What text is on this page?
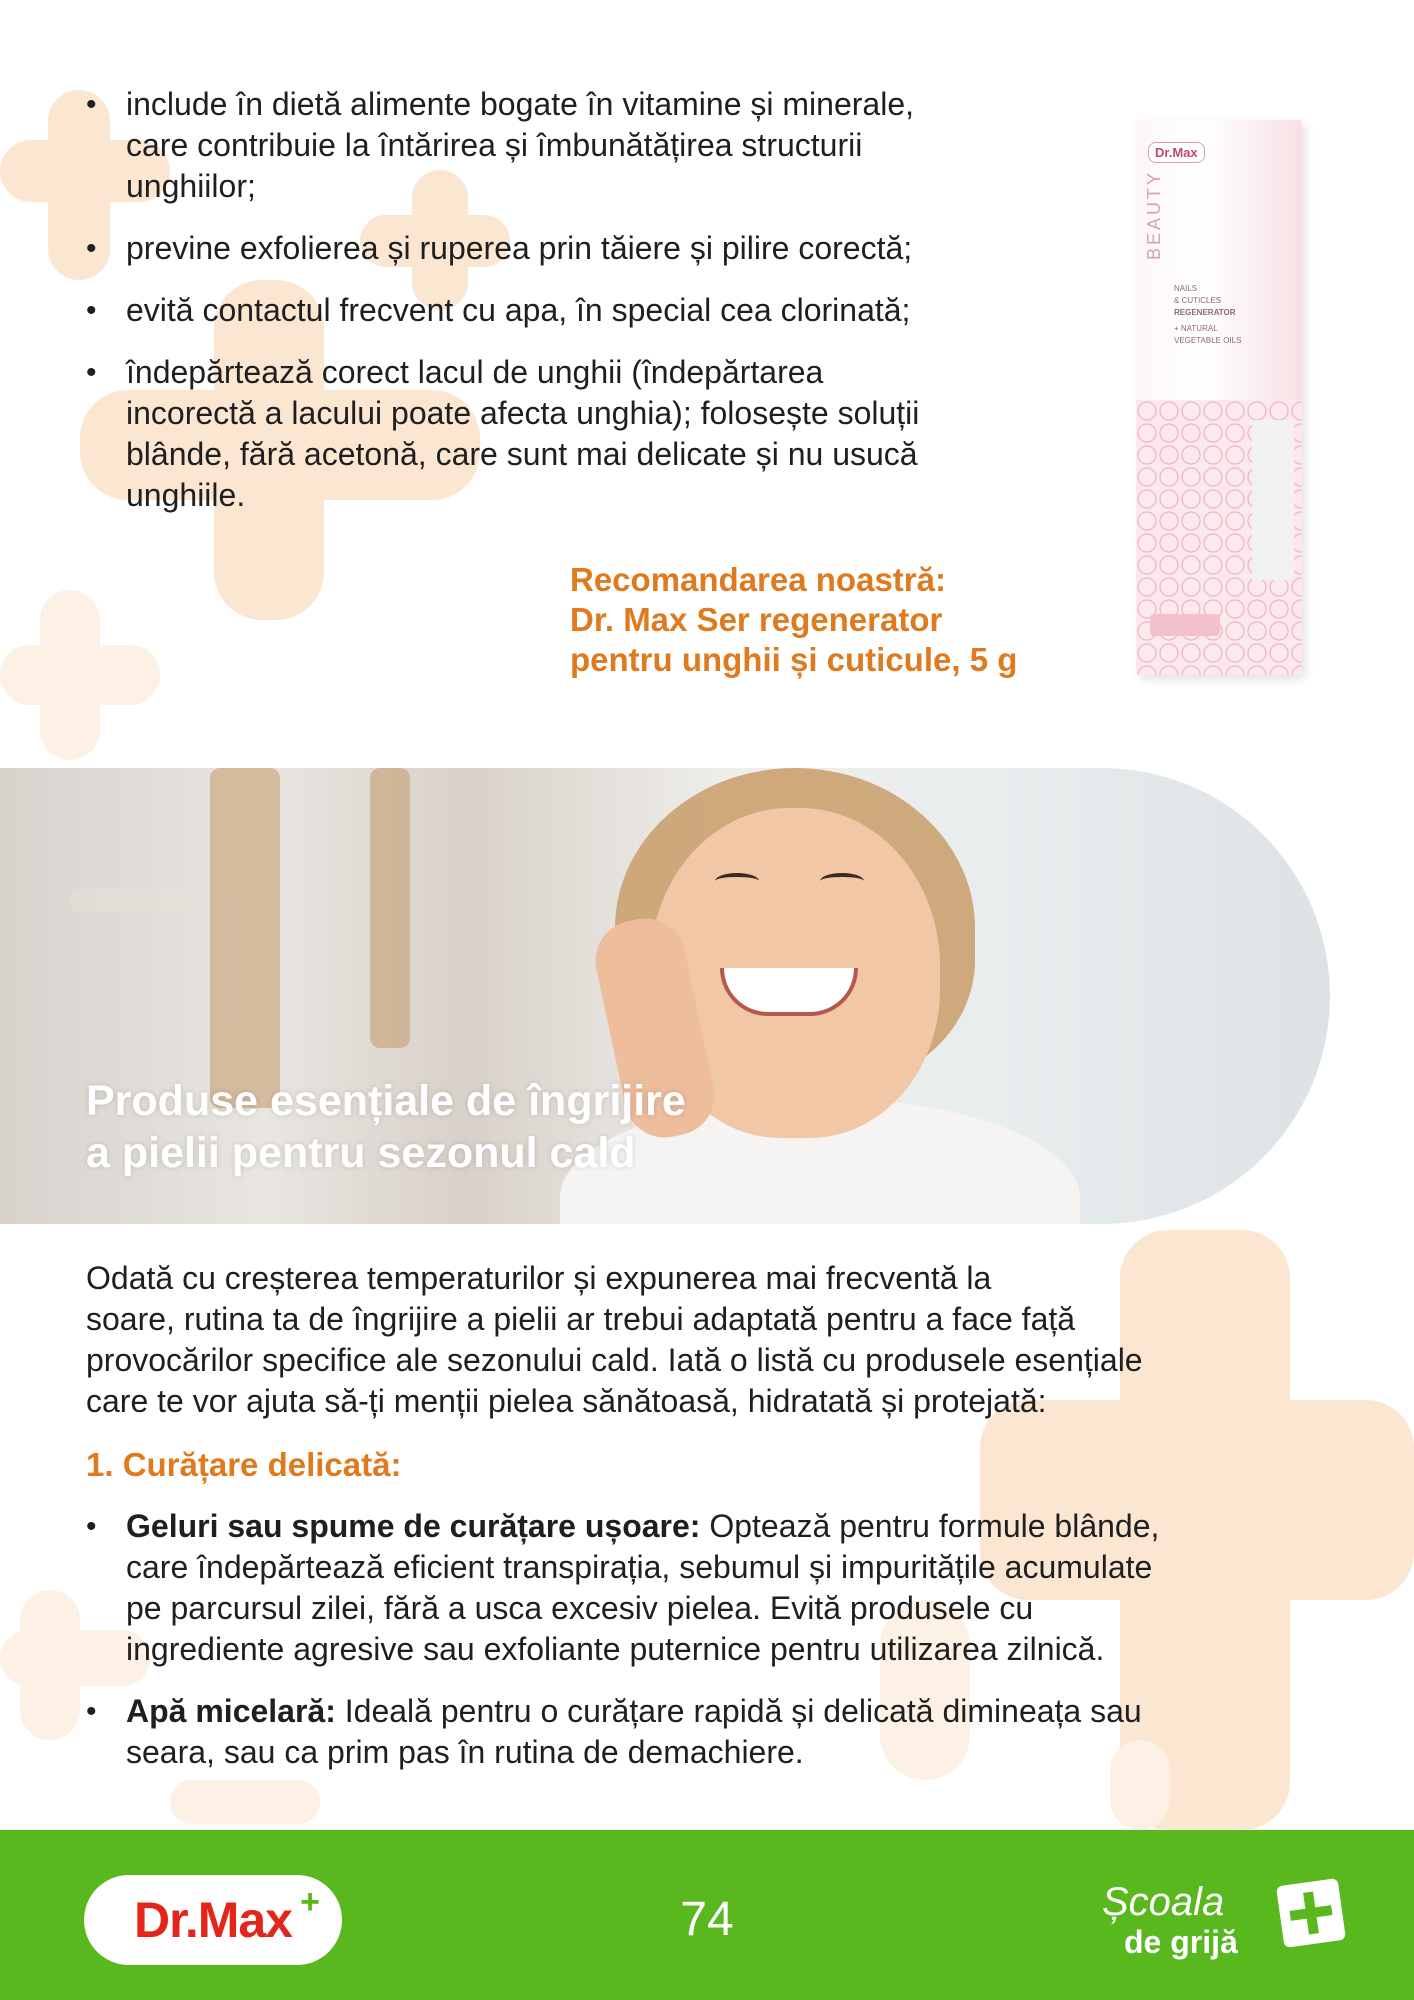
• include în dietă alimente bogate în vitamine și minerale,
care contribuie la întărirea și îmbunătățirea structurii
unghiilor;
• previne exfolierea și ruperea prin tăiere și pilire corectă;
• evită contactul frecvent cu apa, în special cea clorinată;
• îndepărtează corect lacul de unghii (îndepărtarea
incorectă a lacului poate afecta unghia); folosește soluții
blânde, fără acetonă, care sunt mai delicate și nu usucă
unghiile.
Recomandarea noastră:
Dr. Max Ser regenerator
pentru unghii și cuticule, 5 g
Dr.Max
BEAUTY
NAILS
& CUTICLES
REGENERATOR
+ NATURAL
VEGETABLE OILS
Produse esențiale de îngrijire
a pielii pentru sezonul cald
Odată cu creșterea temperaturilor și expunerea mai frecventă la
soare, rutina ta de îngrijire a pielii ar trebui adaptată pentru a face față
provocărilor specifice ale sezonului cald. Iată o listă cu produsele esențiale
care te vor ajuta să-ți menții pielea sănătoasă, hidratată și protejată:
1. Curățare delicată:
• Geluri sau spume de curățare ușoare: Optează pentru formule blânde,
care îndepărtează eficient transpirația, sebumul și impuritățile acumulate
pe parcursul zilei, fără a usca excesiv pielea. Evită produsele cu
ingrediente agresive sau exfoliante puternice pentru utilizarea zilnică.
• Apă micelară: Ideală pentru o curățare rapidă și delicată dimineața sau
seara, sau ca prim pas în rutina de demachiere.
Dr.Max +	74	Școala
de grijă
